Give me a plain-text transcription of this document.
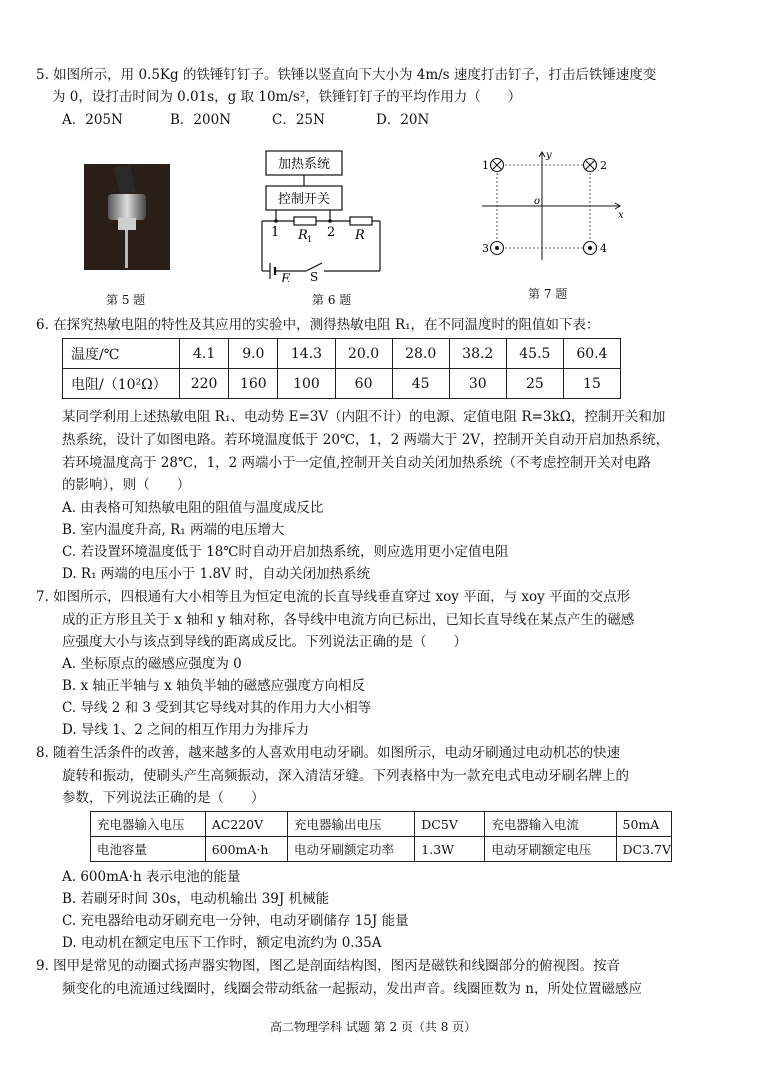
5. 如图所示，用 0.5Kg 的铁锤钉钉子。铁锤以竖直向下大小为 4m/s 速度打击钉子，打击后铁锤速度变
为 0，设打击时间为 0.01s，g 取 10m/s²，铁锤钉钉子的平均作用力（　　）
A．205N	B．200N	C．25N	D．20N
第 5 题
加热系统
控制开关
1	2
R 1	R
E S
第 6 题
1	2
3	4
y
x
o
第 7 题
6. 在探究热敏电阻的特性及其应用的实验中，测得热敏电阻 R₁，在不同温度时的阻值如下表：
温度/℃	4.1	9.0	14.3	20.0	28.0	38.2	45.5	60.4
电阻/（10²Ω）	220	160	100	60	45	30	25	15
某同学利用上述热敏电阻 R₁、电动势 E=3V（内阻不计）的电源、定值电阻 R=3kΩ，控制开关和加
热系统，设计了如图电路。若环境温度低于 20℃，1，2 两端大于 2V，控制开关自动开启加热系统，
若环境温度高于 28℃，1，2 两端小于一定值,控制开关自动关闭加热系统（不考虑控制开关对电路
的影响），则（　　）
A. 由表格可知热敏电阻的阻值与温度成反比
B. 室内温度升高, R₁ 两端的电压增大
C. 若设置环境温度低于 18℃时自动开启加热系统，则应选用更小定值电阻
D. R₁ 两端的电压小于 1.8V 时，自动关闭加热系统
7. 如图所示，四根通有大小相等且为恒定电流的长直导线垂直穿过 xoy 平面，与 xoy 平面的交点形
成的正方形且关于 x 轴和 y 轴对称，各导线中电流方向已标出，已知长直导线在某点产生的磁感
应强度大小与该点到导线的距离成反比。下列说法正确的是（　　）
A. 坐标原点的磁感应强度为 0
B. x 轴正半轴与 x 轴负半轴的磁感应强度方向相反
C. 导线 2 和 3 受到其它导线对其的作用力大小相等
D. 导线 1、2 之间的相互作用力为排斥力
8. 随着生活条件的改善，越来越多的人喜欢用电动牙刷。如图所示，电动牙刷通过电动机芯的快速
旋转和振动，使刷头产生高频振动，深入清洁牙缝。下列表格中为一款充电式电动牙刷名牌上的
参数，下列说法正确的是（　　）
充电器输入电压	AC220V	充电器输出电压	DC5V	充电器输入电流	50mA
电池容量	600mA·h	电动牙刷额定功率	1.3W	电动牙刷额定电压	DC3.7V
A. 600mA·h 表示电池的能量
B. 若刷牙时间 30s，电动机输出 39J 机械能
C. 充电器给电动牙刷充电一分钟，电动牙刷储存 15J 能量
D. 电动机在额定电压下工作时，额定电流约为 0.35A
9. 图甲是常见的动圈式扬声器实物图，图乙是剖面结构图，图丙是磁铁和线圈部分的俯视图。按音
频变化的电流通过线圈时，线圈会带动纸盆一起振动，发出声音。线圈匝数为 n，所处位置磁感应
高二物理学科 试题 第 2 页（共 8 页）
